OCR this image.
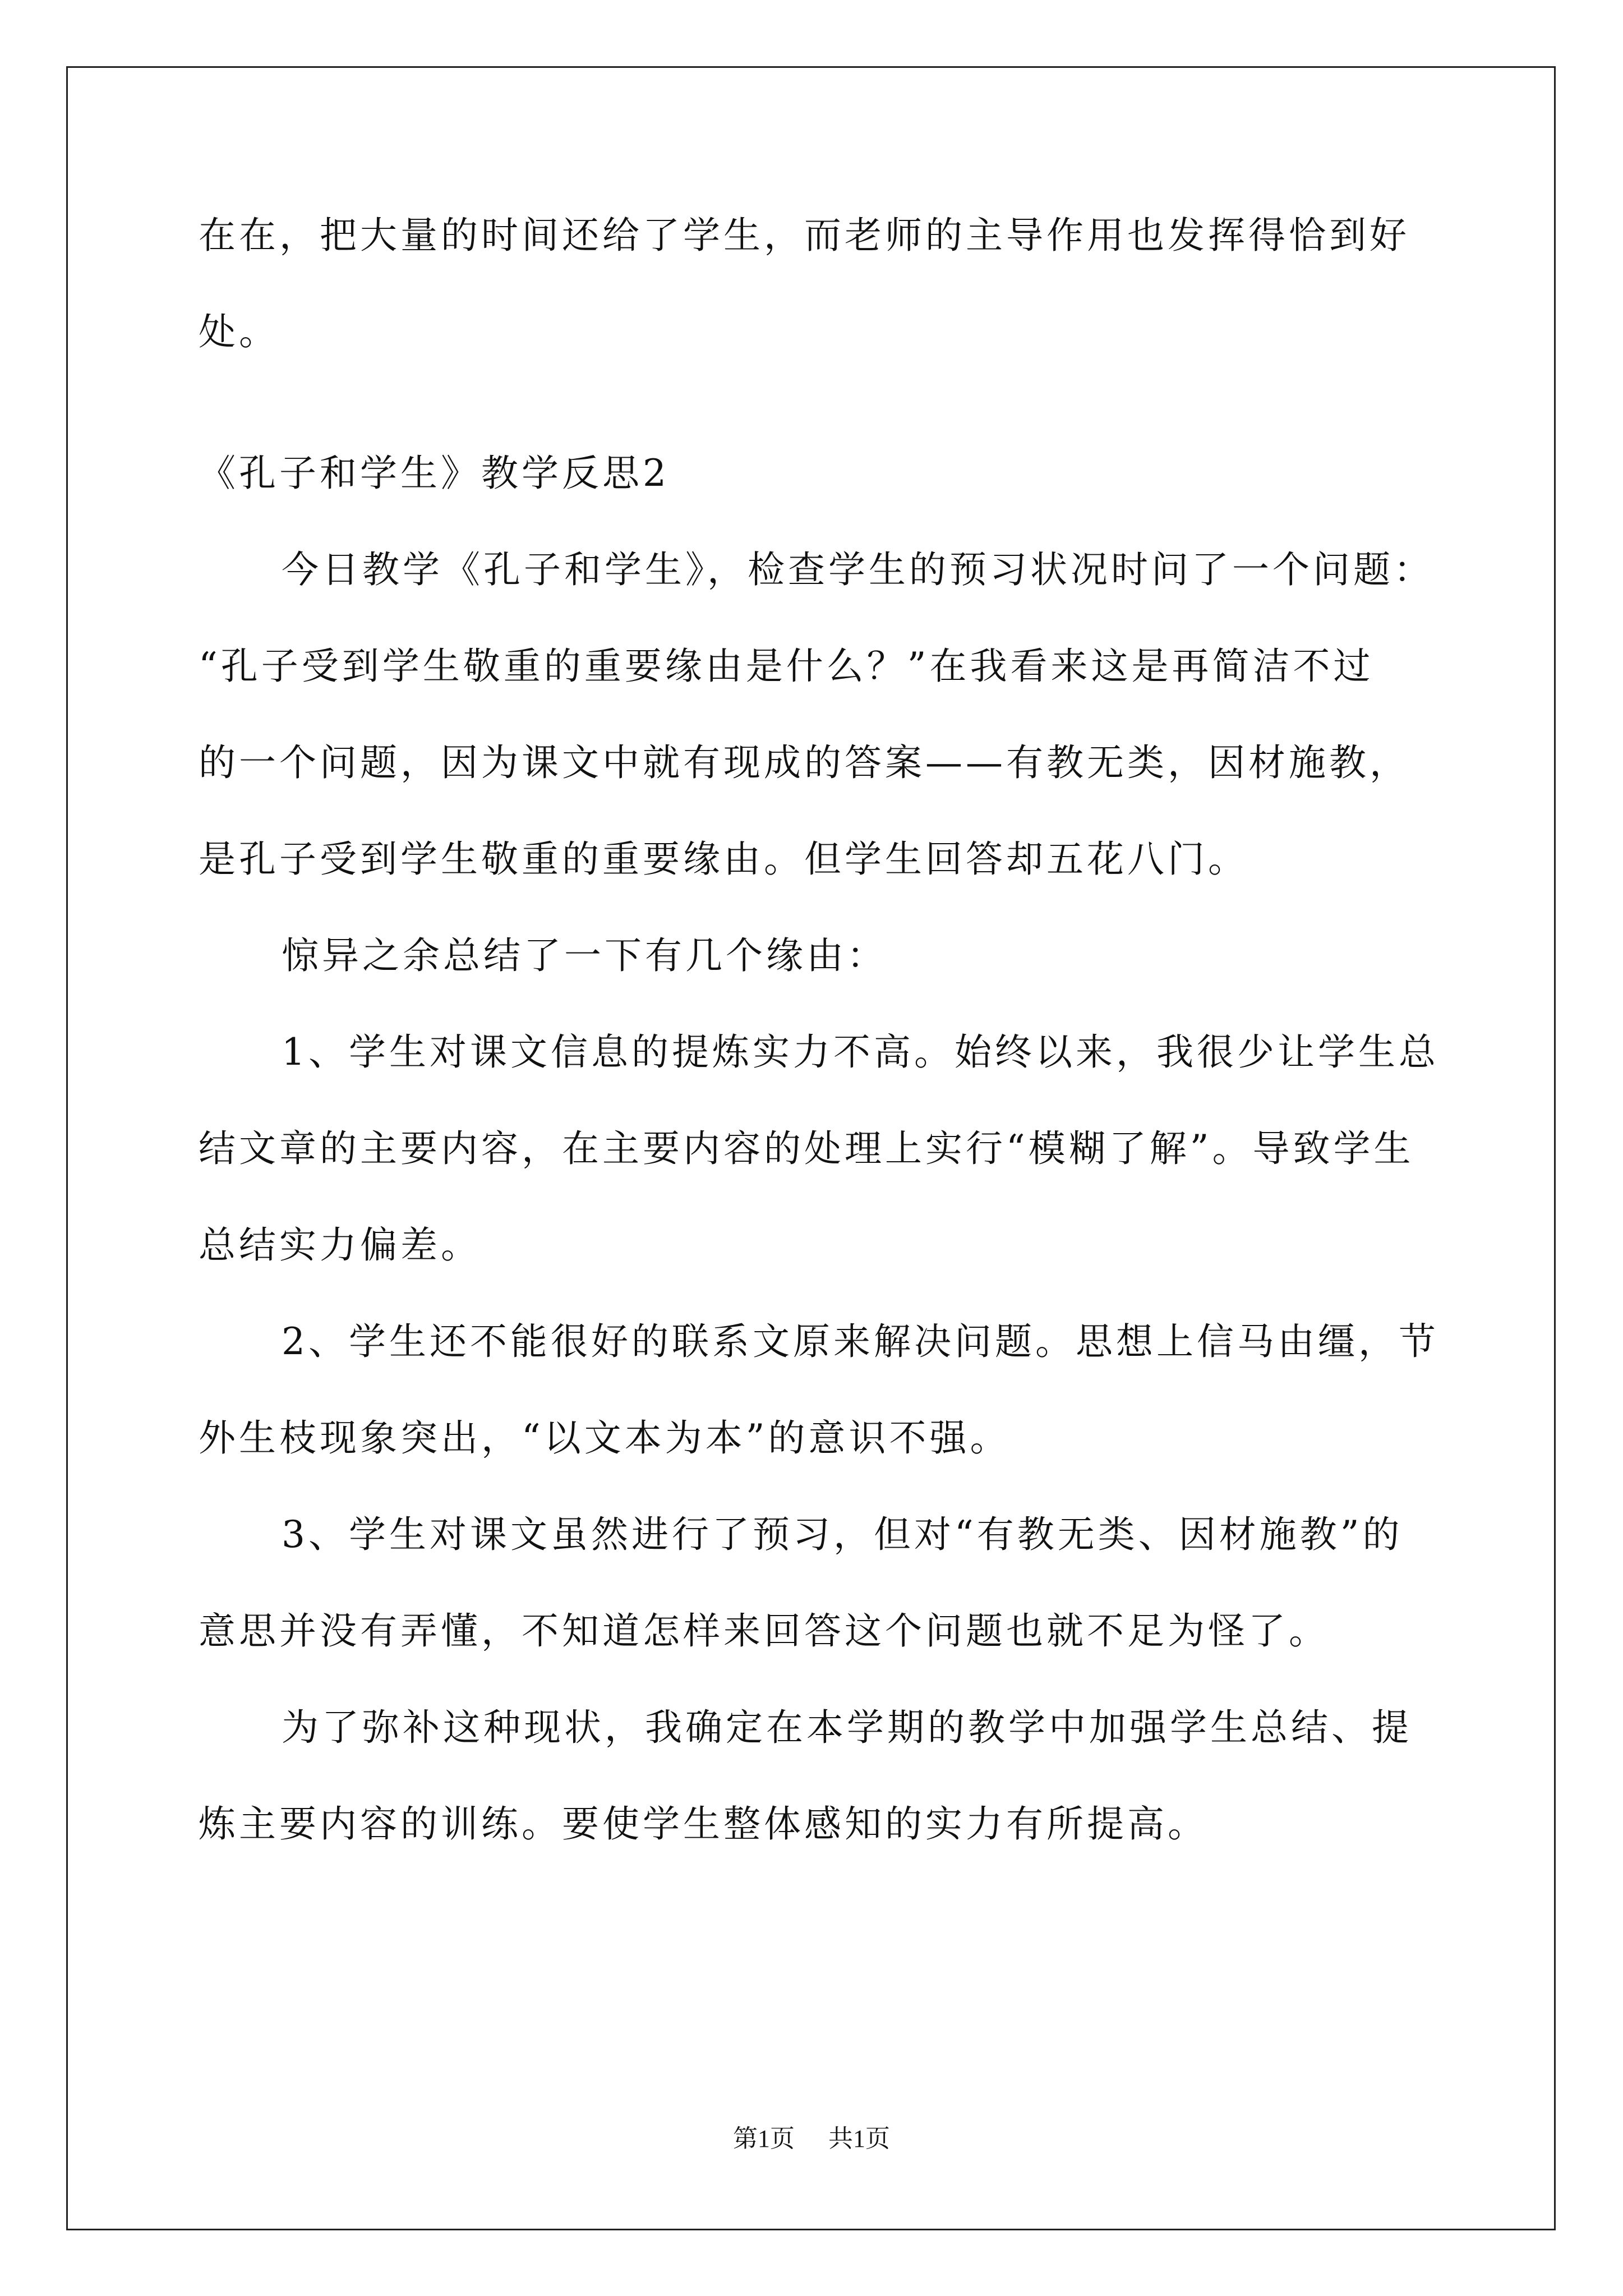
在在，把大量的时间还给了学生，而老师的主导作用也发挥得恰到好
处。
《孔子和学生》教学反思2
今日教学《孔子和学生》，检查学生的预习状况时问了一个问题：
“孔子受到学生敬重的重要缘由是什么？”在我看来这是再简洁不过
的一个问题，因为课文中就有现成的答案——有教无类，因材施教，
是孔子受到学生敬重的重要缘由。但学生回答却五花八门。
惊异之余总结了一下有几个缘由：
1、学生对课文信息的提炼实力不高。始终以来，我很少让学生总
结文章的主要内容，在主要内容的处理上实行“模糊了解”。导致学生
总结实力偏差。
2、学生还不能很好的联系文原来解决问题。思想上信马由缰，节
外生枝现象突出，“以文本为本”的意识不强。
3、学生对课文虽然进行了预习，但对“有教无类、因材施教”的
意思并没有弄懂，不知道怎样来回答这个问题也就不足为怪了。
为了弥补这种现状，我确定在本学期的教学中加强学生总结、提
炼主要内容的训练。要使学生整体感知的实力有所提高。
第1页 共1页
